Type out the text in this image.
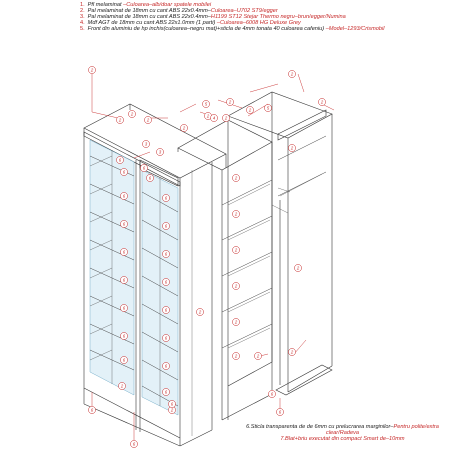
1. Pfl melaminat –Culoarea–alb/doar spatele mobilei
2. Pal melaminat de 18mm cu cant ABS 22x0.4mm–Culoarea–U702 ST9/egger
3. Pal melaminat de 18mm cu cant ABS 22x0.4mm–H1199 ST12 Stejar Thermo negru–brun/egger/Numina
4. Mdf AGT de 18mm cu cant ABS 22x1.0mm (1 parti) –Culoarea–6008 HG Deluxe Grey
5. Front din aluminiu de hp inchis(culoarea–negru mat)+sticla de 4mm tonata 40 culoarea cafeniu) –Model–1293/Crismobil
6.Sticla transparenta de de 6mm cu prelucrarea marginilor–Pentru polite/extra clear/Radeva
7.Blat+briu executat din compact Smart de–10mm
2
2
2
2
3
2
2
2
2
6
6
2
2
2
2
2
2
2
2
2
6
2
5
2
4
5
3
2
6
6
6
6
6
6
6
6
6
6
6
6
6
6
6
2
2
6
6
6
2
6
6
2
6
